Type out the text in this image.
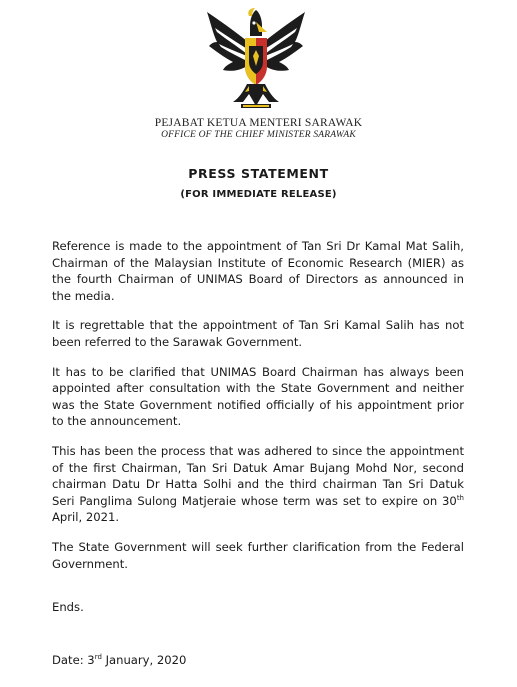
PEJABAT KETUA MENTERI SARAWAK
OFFICE OF THE CHIEF MINISTER SARAWAK
PRESS STATEMENT
(FOR IMMEDIATE RELEASE)

Reference is made to the appointment of Tan Sri Dr Kamal Mat Salih, Chairman of the Malaysian Institute of Economic Research (MIER) as the fourth Chairman of UNIMAS Board of Directors as announced in the media.

It is regrettable that the appointment of Tan Sri Kamal Salih has not been referred to the Sarawak Government.

It has to be clarified that UNIMAS Board Chairman has always been appointed after consultation with the State Government and neither was the State Government notified officially of his appointment prior to the announcement.

This has been the process that was adhered to since the appointment of the first Chairman, Tan Sri Datuk Amar Bujang Mohd Nor, second chairman Datu Dr Hatta Solhi and the third chairman Tan Sri Datuk Seri Panglima Sulong Matjeraie whose term was set to expire on 30th April, 2021.

The State Government will seek further clarification from the Federal Government.

Ends.
Date: 3rd January, 2020
